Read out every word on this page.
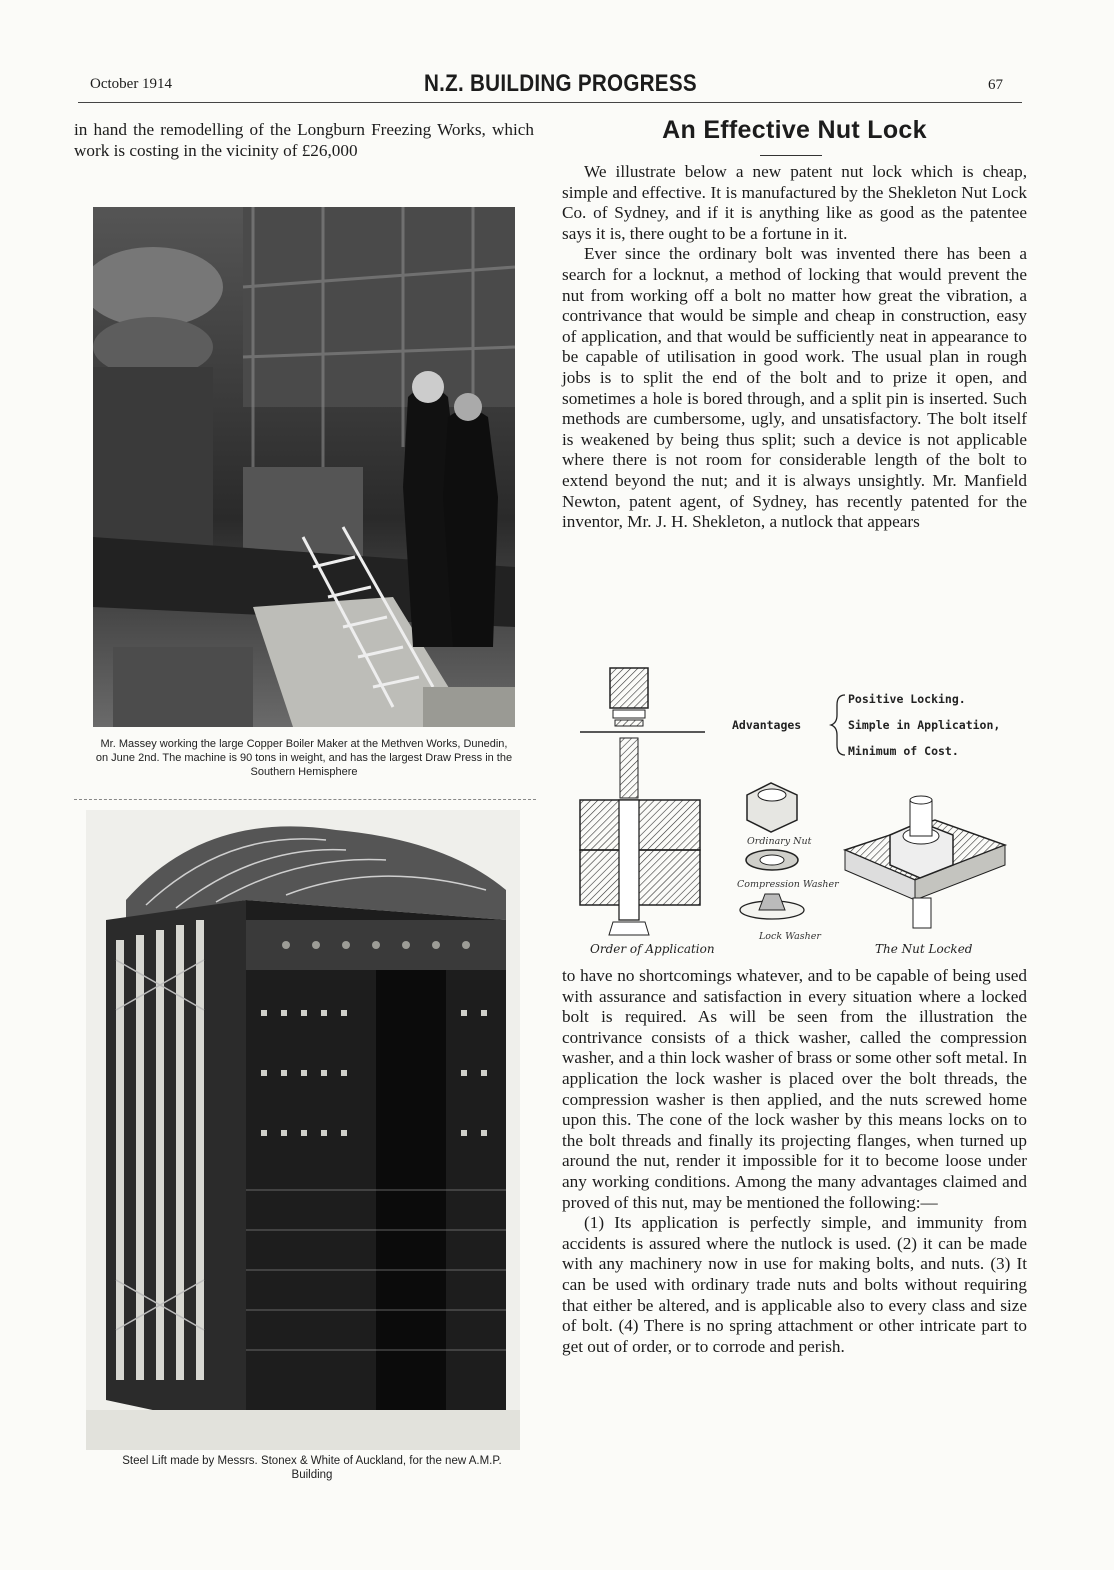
October 1914	N.Z. BUILDING PROGRESS	67

in hand the remodelling of the Longburn Freezing Works, which work is costing in the vicinity of £26,000

Mr. Massey working the large Copper Boiler Maker at the Methven Works, Dunedin, on June 2nd. The machine is 90 tons in weight, and has the largest Draw Press in the Southern Hemisphere
Steel Lift made by Messrs. Stonex & White of Auckland, for the new A.M.P. Building
An Effective Nut Lock

We illustrate below a new patent nut lock which is cheap, simple and effective. It is manufactured by the Shekleton Nut Lock Co. of Sydney, and if it is anything like as good as the patentee says it is, there ought to be a fortune in it.

Ever since the ordinary bolt was invented there has been a search for a locknut, a method of locking that would prevent the nut from working off a bolt no matter how great the vibration, a contrivance that would be simple and cheap in construction, easy of application, and that would be sufficiently neat in appearance to be capable of utilisation in good work. The usual plan in rough jobs is to split the end of the bolt and to prize it open, and sometimes a hole is bored through, and a split pin is inserted. Such methods are cumbersome, ugly, and unsatisfactory. The bolt itself is weakened by being thus split; such a device is not applicable where there is not room for considerable length of the bolt to extend beyond the nut; and it is always unsightly. Mr. Manfield Newton, patent agent, of Sydney, has recently patented for the inventor, Mr. J. H. Shekleton, a nutlock that appears

Advantages
Positive Locking.
Simple in Application,
Minimum of Cost.
Ordinary Nut
Compression Washer
Lock Washer
Order of Application	The Nut Locked

to have no shortcomings whatever, and to be capable of being used with assurance and satisfaction in every situation where a locked bolt is required. As will be seen from the illustration the contrivance consists of a thick washer, called the compression washer, and a thin lock washer of brass or some other soft metal. In application the lock washer is placed over the bolt threads, the compression washer is then applied, and the nuts screwed home upon this. The cone of the lock washer by this means locks on to the bolt threads and finally its projecting flanges, when turned up around the nut, render it impossible for it to become loose under any working conditions. Among the many advantages claimed and proved of this nut, may be mentioned the following:—

(1) Its application is perfectly simple, and immunity from accidents is assured where the nutlock is used. (2) it can be made with any machinery now in use for making bolts, and nuts. (3) It can be used with ordinary trade nuts and bolts without requiring that either be altered, and is applicable also to every class and size of bolt. (4) There is no spring attachment or other intricate part to get out of order, or to corrode and perish.
